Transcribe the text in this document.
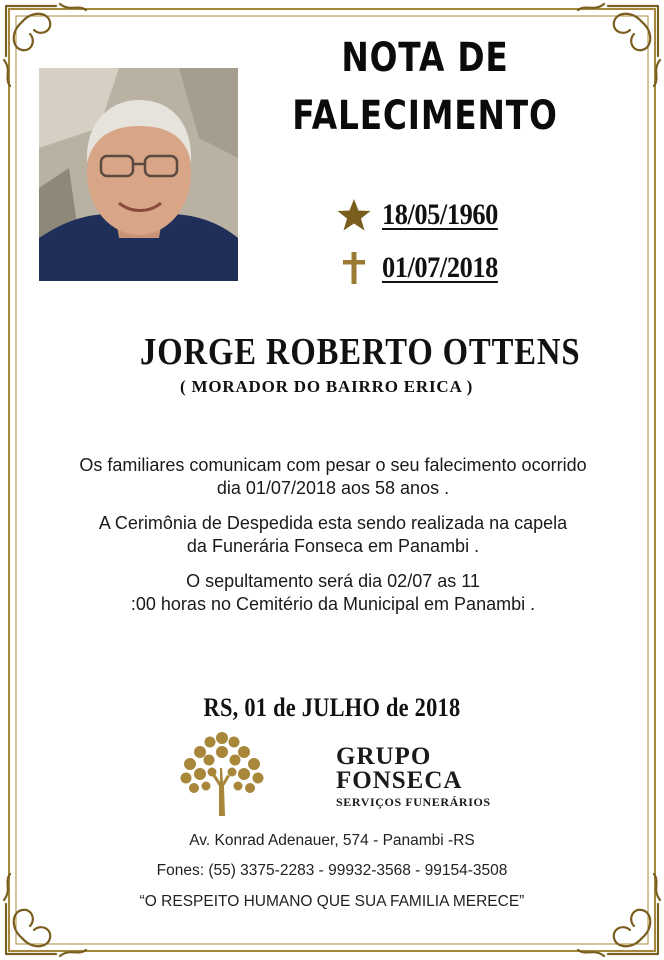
NOTA DE
FALECIMENTO
18/05/1960
01/07/2018
JORGE ROBERTO OTTENS
( MORADOR DO BAIRRO ERICA )
Os familiares comunicam com pesar o seu falecimento ocorrido
dia 01/07/2018 aos 58 anos .
A Cerimônia de Despedida esta sendo realizada na capela
da Funerária Fonseca em Panambi .
O sepultamento será dia 02/07 as 11
:00 horas no Cemitério da Municipal em Panambi .
RS, 01 de JULHO de 2018
GRUPO
FONSECA
SERVIÇOS FUNERÁRIOS
Av. Konrad Adenauer, 574 - Panambi -RS
Fones: (55) 3375-2283 - 99932-3568 - 99154-3508
“O RESPEITO HUMANO QUE SUA FAMILIA MERECE”
